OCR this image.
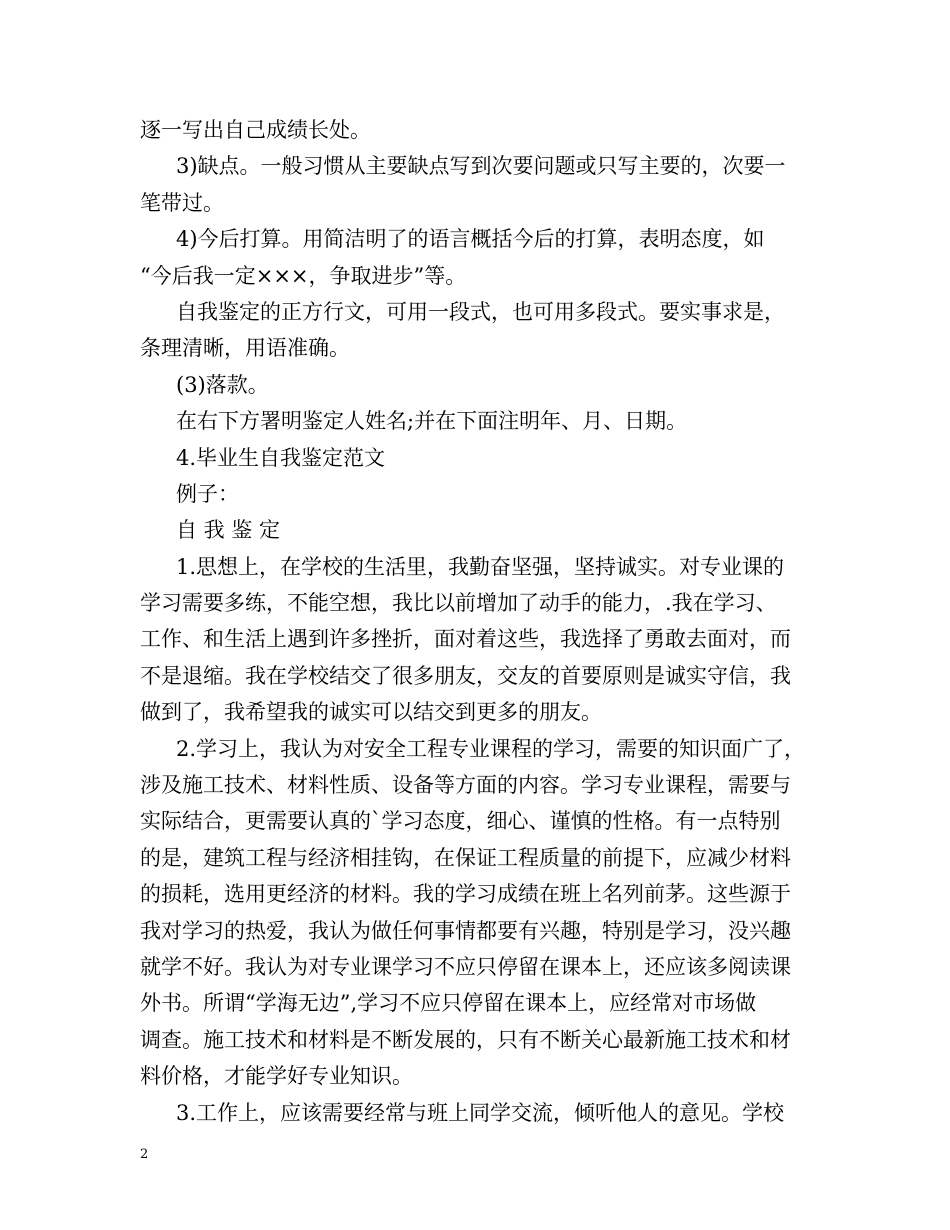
逐一写出自己成绩长处。
3)缺点。一般习惯从主要缺点写到次要问题或只写主要的，次要一
笔带过。
4)今后打算。用简洁明了的语言概括今后的打算，表明态度，如
“今后我一定×××，争取进步”等。
自我鉴定的正方行文，可用一段式，也可用多段式。要实事求是，
条理清晰，用语准确。
(3)落款。
在右下方署明鉴定人姓名;并在下面注明年、月、日期。
4.毕业生自我鉴定范文
例子：
自 我 鉴 定
1.思想上，在学校的生活里，我勤奋坚强，坚持诚实。对专业课的
学习需要多练，不能空想，我比以前增加了动手的能力，.我在学习、
工作、和生活上遇到许多挫折，面对着这些，我选择了勇敢去面对，而
不是退缩。我在学校结交了很多朋友，交友的首要原则是诚实守信，我
做到了，我希望我的诚实可以结交到更多的朋友。
2.学习上，我认为对安全工程专业课程的学习，需要的知识面广了，
涉及施工技术、材料性质、设备等方面的内容。学习专业课程，需要与
实际结合，更需要认真的`学习态度，细心、谨慎的性格。有一点特别
的是，建筑工程与经济相挂钩，在保证工程质量的前提下，应减少材料
的损耗，选用更经济的材料。我的学习成绩在班上名列前茅。这些源于
我对学习的热爱，我认为做任何事情都要有兴趣，特别是学习，没兴趣
就学不好。我认为对专业课学习不应只停留在课本上，还应该多阅读课
外书。所谓“学海无边”,学习不应只停留在课本上，应经常对市场做
调查。施工技术和材料是不断发展的，只有不断关心最新施工技术和材
料价格，才能学好专业知识。
3.工作上，应该需要经常与班上同学交流，倾听他人的意见。学校
2
